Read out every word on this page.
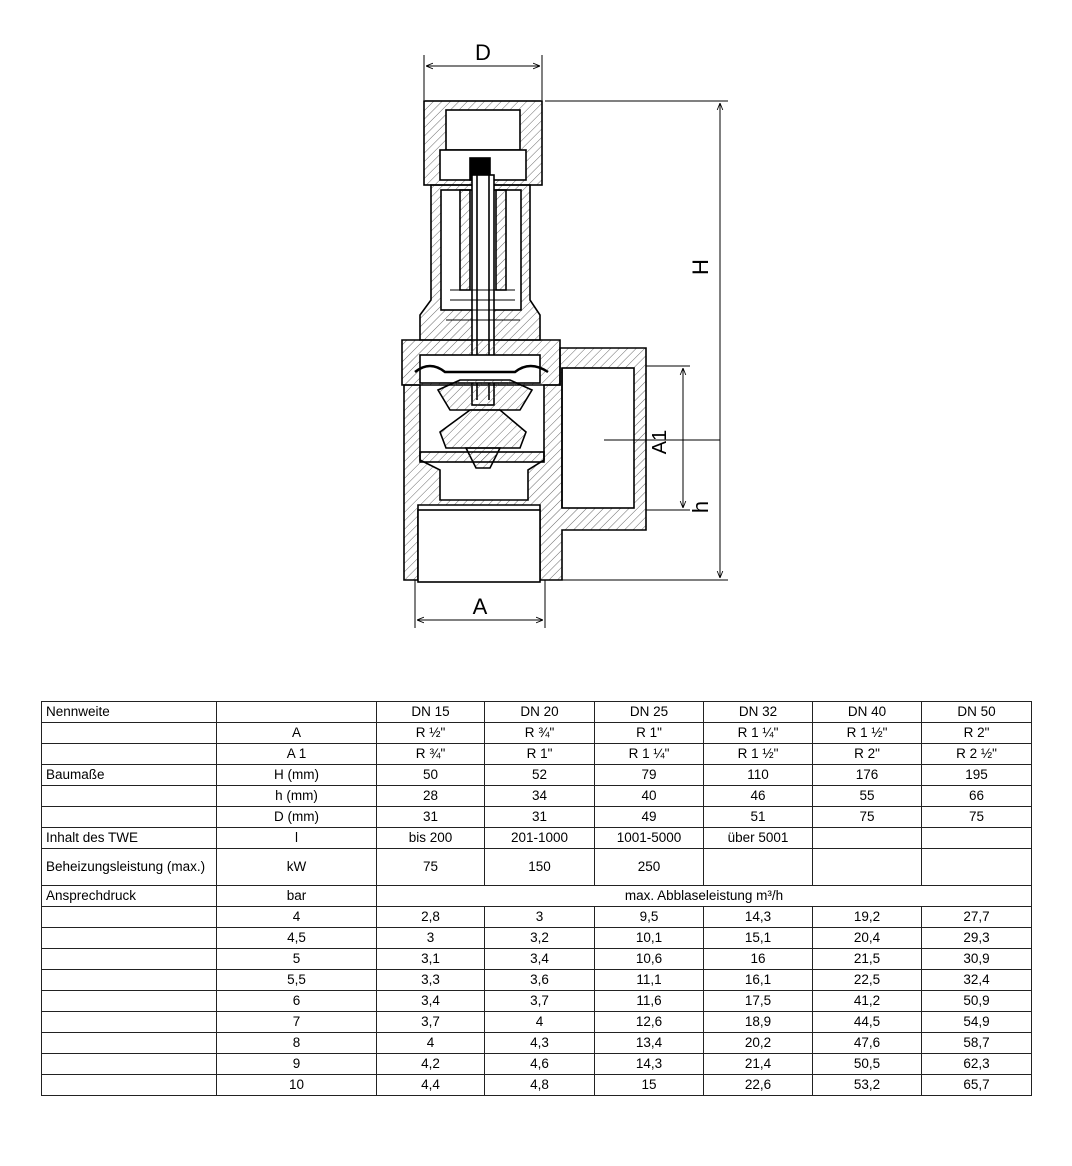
D
H
A1
h
A
Nennweite		DN 15	DN 20	DN 25	DN 32	DN 40	DN 50
	A	R ½"	R ¾"	R 1"	R 1 ¼"	R 1 ½"	R 2"
	A 1	R ¾"	R 1"	R 1 ¼"	R 1 ½"	R 2"	R 2 ½"
Baumaße	H (mm)	50	52	79	110	176	195
	h (mm)	28	34	40	46	55	66
	D (mm)	31	31	49	51	75	75
Inhalt des TWE	l	bis 200	201-1000	1001-5000	über 5001		
Beheizungsleistung (max.)	kW	75	150	250			
Ansprechdruck	bar	max. Abblaseleistung m³/h					
	4	2,8	3	9,5	14,3	19,2	27,7
	4,5	3	3,2	10,1	15,1	20,4	29,3
	5	3,1	3,4	10,6	16	21,5	30,9
	5,5	3,3	3,6	11,1	16,1	22,5	32,4
	6	3,4	3,7	11,6	17,5	41,2	50,9
	7	3,7	4	12,6	18,9	44,5	54,9
	8	4	4,3	13,4	20,2	47,6	58,7
	9	4,2	4,6	14,3	21,4	50,5	62,3
	10	4,4	4,8	15	22,6	53,2	65,7
